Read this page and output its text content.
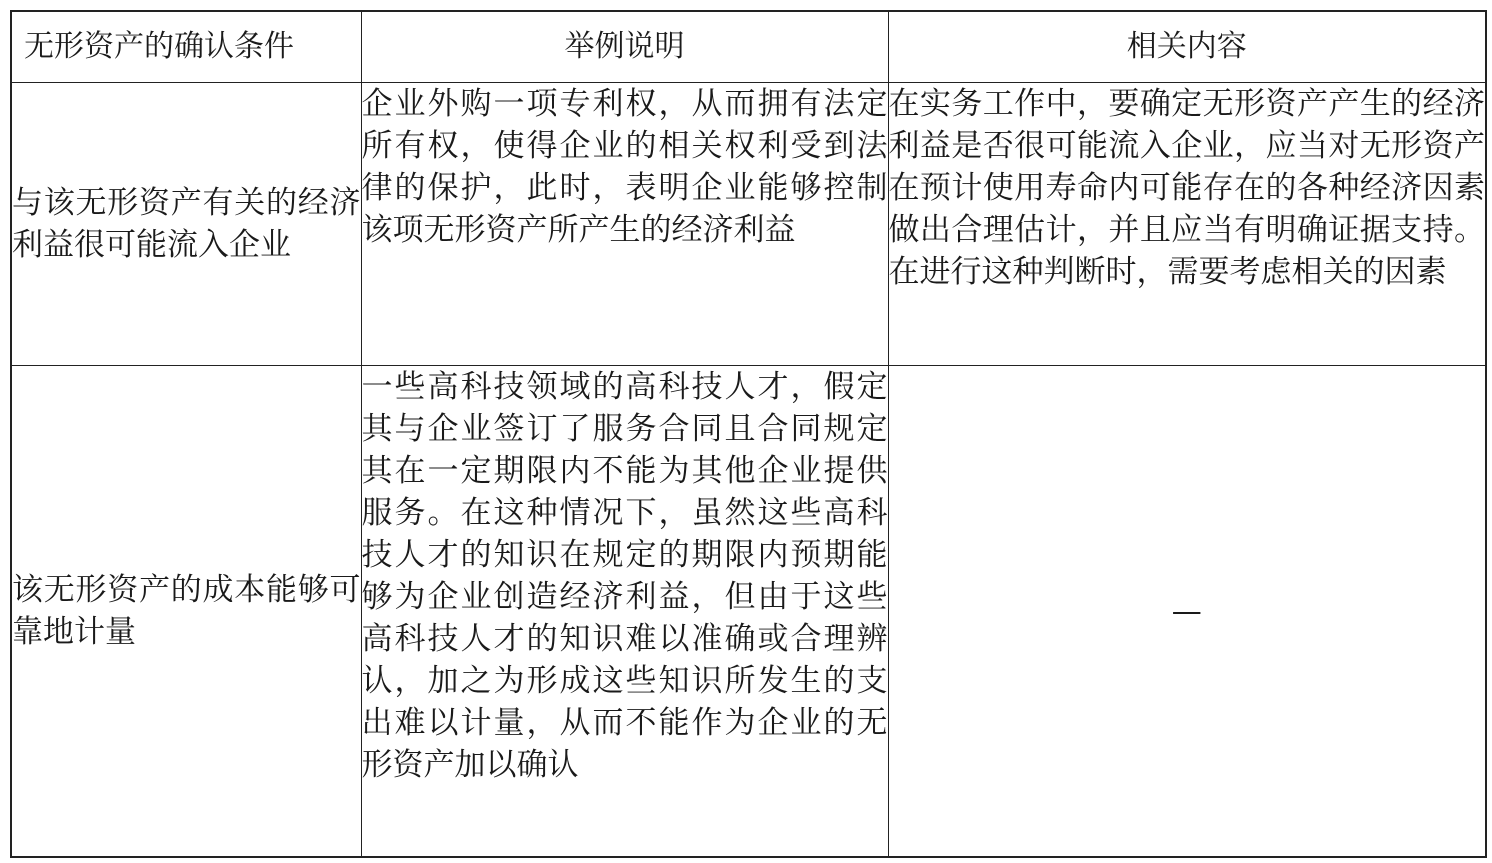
无形资产的确认条件	举例说明	相关内容
与该无形资产有关的经济利益很可能流入企业	企业外购一项专利权，从而拥有法定所有权，使得企业的相关权利受到法律的保护，此时，表明企业能够控制该项无形资产所产生的经济利益	在实务工作中，要确定无形资产产生的经济利益是否很可能流入企业，应当对无形资产在预计使用寿命内可能存在的各种经济因素做出合理估计，并且应当有明确证据支持。在进行这种判断时，需要考虑相关的因素
该无形资产的成本能够可靠地计量	一些高科技领域的高科技人才，假定其与企业签订了服务合同且合同规定其在一定期限内不能为其他企业提供服务。在这种情况下，虽然这些高科技人才的知识在规定的期限内预期能够为企业创造经济利益，但由于这些高科技人才的知识难以准确或合理辨认，加之为形成这些知识所发生的支出难以计量，从而不能作为企业的无形资产加以确认	—
